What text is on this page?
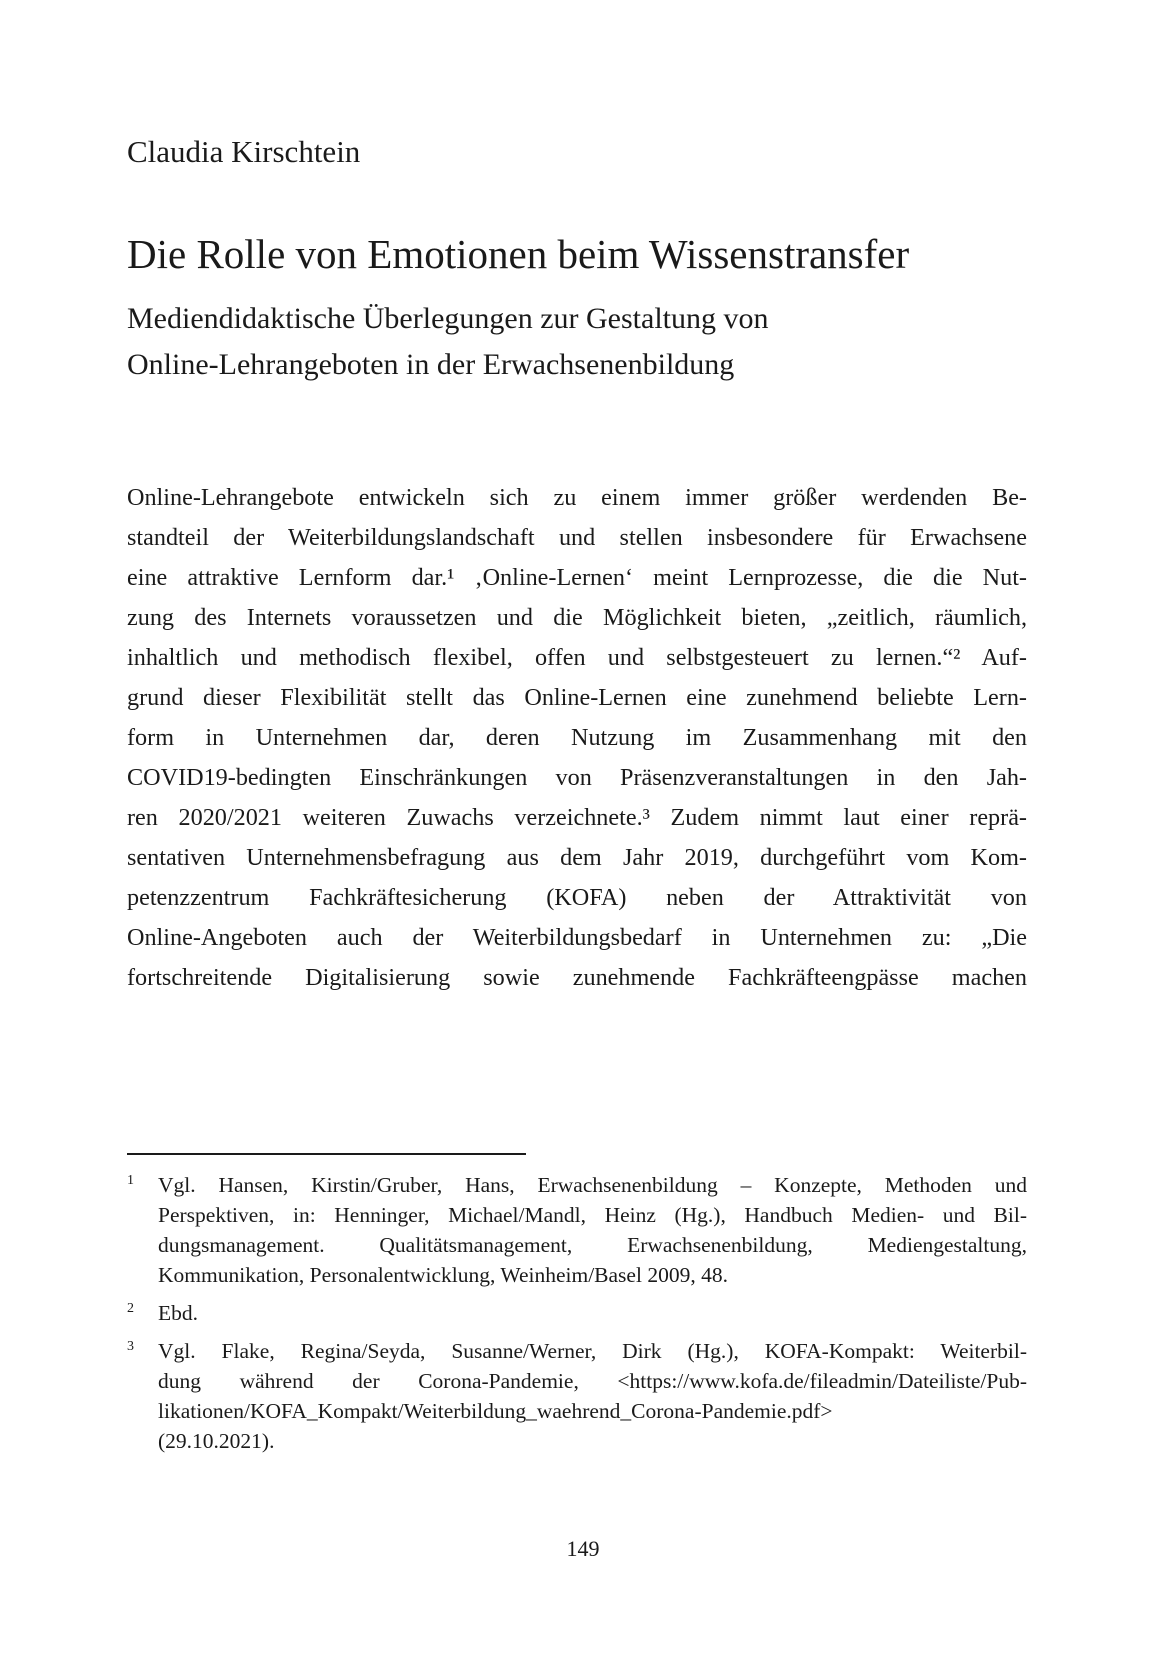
Claudia Kirschtein
Die Rolle von Emotionen beim Wissenstransfer
Mediendidaktische Überlegungen zur Gestaltung von
Online-Lehrangeboten in der Erwachsenenbildung
Online-Lehrangebote entwickeln sich zu einem immer größer werdenden Be-
standteil der Weiterbildungslandschaft und stellen insbesondere für Erwachsene
eine attraktive Lernform dar.¹ ‚Online-Lernen‘ meint Lernprozesse, die die Nut-
zung des Internets voraussetzen und die Möglichkeit bieten, „zeitlich, räumlich,
inhaltlich und methodisch flexibel, offen und selbstgesteuert zu lernen.“² Auf-
grund dieser Flexibilität stellt das Online-Lernen eine zunehmend beliebte Lern-
form in Unternehmen dar, deren Nutzung im Zusammenhang mit den
COVID19-bedingten Einschränkungen von Präsenzveranstaltungen in den Jah-
ren 2020/2021 weiteren Zuwachs verzeichnete.³ Zudem nimmt laut einer reprä-
sentativen Unternehmensbefragung aus dem Jahr 2019, durchgeführt vom Kom-
petenzzentrum Fachkräftesicherung (KOFA) neben der Attraktivität von
Online-Angeboten auch der Weiterbildungsbedarf in Unternehmen zu: „Die
fortschreitende Digitalisierung sowie zunehmende Fachkräfteengpässe machen
1 Vgl. Hansen, Kirstin/Gruber, Hans, Erwachsenenbildung – Konzepte, Methoden und
Perspektiven, in: Henninger, Michael/Mandl, Heinz (Hg.), Handbuch Medien- und Bil-
dungsmanagement. Qualitätsmanagement, Erwachsenenbildung, Mediengestaltung,
Kommunikation, Personalentwicklung, Weinheim/Basel 2009, 48.
2 Ebd.
3 Vgl. Flake, Regina/Seyda, Susanne/Werner, Dirk (Hg.), KOFA-Kompakt: Weiterbil-
dung während der Corona-Pandemie, <https://www.kofa.de/fileadmin/Dateiliste/Pub-
likationen/KOFA_Kompakt/Weiterbildung_waehrend_Corona-Pandemie.pdf>
(29.10.2021).
149
